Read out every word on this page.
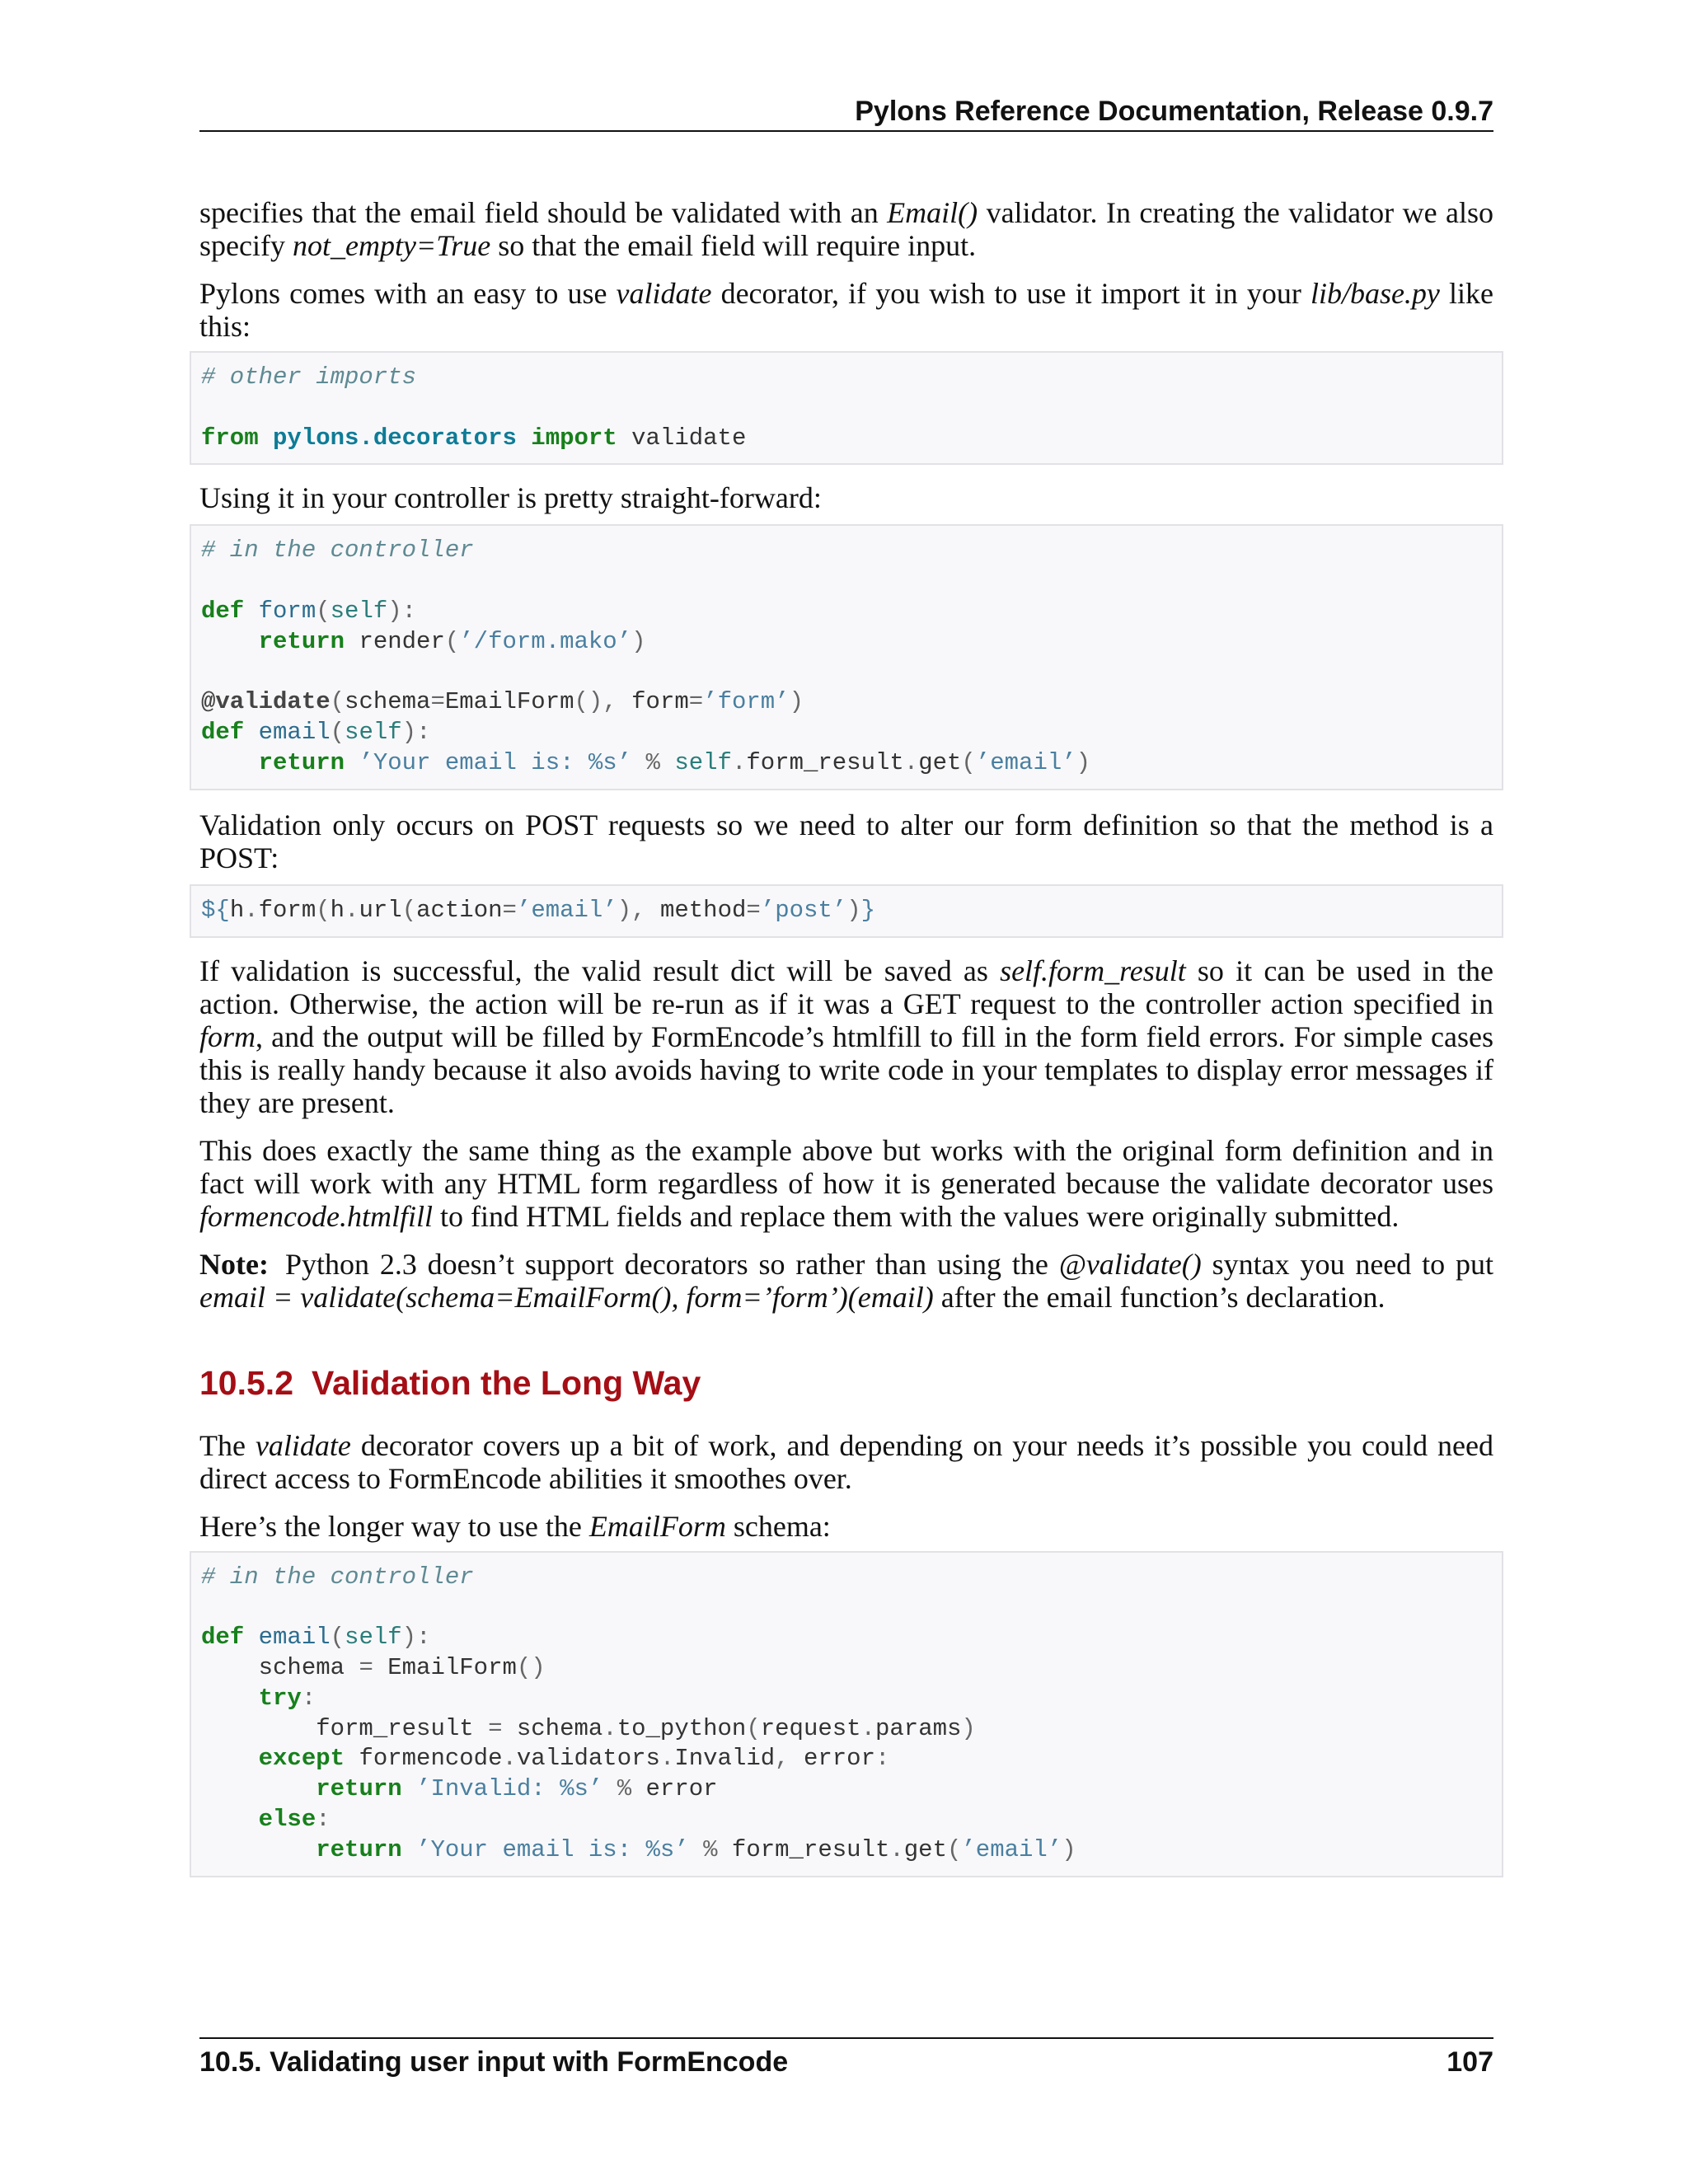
Pylons Reference Documentation, Release 0.9.7

specifies that the email field should be validated with an Email() validator. In creating the validator we also specify not_empty=True so that the email field will require input.

Pylons comes with an easy to use validate decorator, if you wish to use it import it in your lib/base.py like this:

# other imports

from pylons.decorators import validate

Using it in your controller is pretty straight-forward:

# in the controller

def form(self):
return render(’/form.mako’)

@validate(schema=EmailForm(), form=’form’)
def email(self):
return ’Your email is: %s’ % self.form_result.get(’email’)

Validation only occurs on POST requests so we need to alter our form definition so that the method is a POST:

${h.form(h.url(action=’email’), method=’post’)}

If validation is successful, the valid result dict will be saved as self.form_result so it can be used in the action. Otherwise, the action will be re-run as if it was a GET request to the controller action specified in form, and the output will be filled by FormEncode’s htmlfill to fill in the form field errors. For simple cases this is really handy because it also avoids having to write code in your templates to display error messages if they are present.

This does exactly the same thing as the example above but works with the original form definition and in fact will work with any HTML form regardless of how it is generated because the validate decorator uses formencode.htmlfill to find HTML fields and replace them with the values were originally submitted.

Note: Python 2.3 doesn’t support decorators so rather than using the @validate() syntax you need to put email = validate(schema=EmailForm(), form=’form’)(email) after the email function’s declaration.

10.5.2 Validation the Long Way

The validate decorator covers up a bit of work, and depending on your needs it’s possible you could need direct access to FormEncode abilities it smoothes over.

Here’s the longer way to use the EmailForm schema:

# in the controller

def email(self):
schema = EmailForm()
try:
form_result = schema.to_python(request.params)
except formencode.validators.Invalid, error:
return ’Invalid: %s’ % error
else:
return ’Your email is: %s’ % form_result.get(’email’)
10.5. Validating user input with FormEncode	107
